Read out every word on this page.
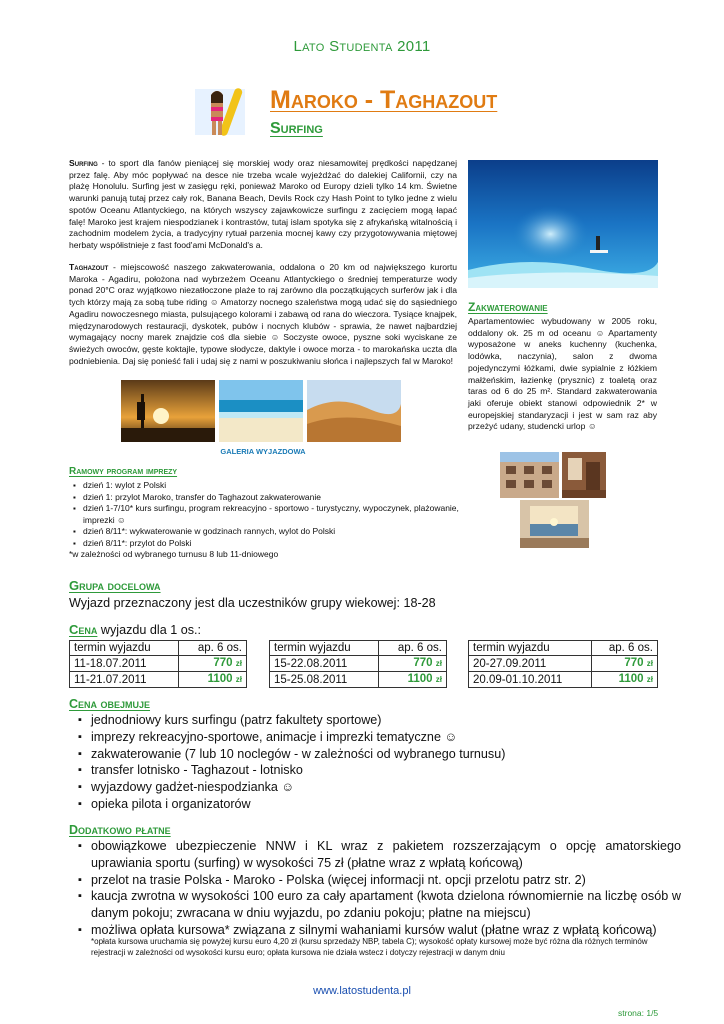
Lato Studenta 2011
Maroko - Taghazout
Surfing
Surfing - to sport dla fanów pieniącej się morskiej wody oraz niesamowitej prędkości napędzanej przez falę. Aby móc popływać na desce nie trzeba wcale wyjeżdżać do dalekiej Californii, czy na plażę Honolulu. Surfing jest w zasięgu ręki, ponieważ Maroko od Europy dzieli tylko 14 km. Świetne warunki panują tutaj przez cały rok, Banana Beach, Devils Rock czy Hash Point to tylko jedne z wielu spotów Oceanu Atlantyckiego, na których wszyscy zajawkowicze surfingu z zacięciem mogą łapać falę! Maroko jest krajem niespodzianek i kontrastów, tutaj islam spotyka się z afrykańską witalnością i zachodnim modelem życia, a tradycyjny rytuał parzenia mocnej kawy czy przygotowywania miętowej herbaty współistnieje z fast food'ami McDonald's a.
Taghazout - miejscowość naszego zakwaterowania, oddalona o 20 km od największego kurortu Maroka - Agadiru, położona nad wybrzeżem Oceanu Atlantyckiego o średniej temperaturze wody ponad 20°C oraz wyjątkowo niezatłoczone plaże to raj zarówno dla początkujących surferów jak i dla tych którzy mają za sobą tube riding ☺ Amatorzy nocnego szaleństwa mogą udać się do sąsiedniego Agadiru nowoczesnego miasta, pulsującego kolorami i zabawą od rana do wieczora. Tysiące knajpek, międzynarodowych restauracji, dyskotek, pubów i nocnych klubów - sprawia, że nawet najbardziej wymagający nocny marek znajdzie coś dla siebie ☺ Soczyste owoce, pyszne soki wyciskane ze świeżych owoców, gęste koktajle, typowe słodycze, daktyle i owoce morza - to marokańska uczta dla podniebienia. Daj się ponieść fali i udaj się z nami w poszukiwaniu słońca i najlepszych fal w Maroko!
Zakwaterowanie
Apartamentowiec wybudowany w 2005 roku, oddalony ok. 25 m od oceanu ☺ Apartamenty wyposażone w aneks kuchenny (kuchenka, lodówka, naczynia), salon z dwoma pojedynczymi łóżkami, dwie sypialnie z łóżkiem małżeńskim, łazienkę (prysznic) z toaletą oraz taras od 6 do 25 m². Standard zakwaterowania jaki oferuje obiekt stanowi odpowiednik 2* w europejskiej standaryzacji i jest w sam raz aby przeżyć udany, studencki urlop ☺
GALERIA WYJAZDOWA
Ramowy program imprezy
▪ dzień 1: wylot z Polski
▪ dzień 1: przylot Maroko, transfer do Taghazout zakwaterowanie
▪ dzień 1-7/10* kurs surfingu, program rekreacyjno - sportowo - turystyczny, wypoczynek, plażowanie, imprezki ☺
▪ dzień 8/11*: wykwaterowanie w godzinach rannych, wylot do Polski
▪ dzień 8/11*: przylot do Polski
*w zależności od wybranego turnusu 8 lub 11-dniowego
Grupa docelowa
Wyjazd przeznaczony jest dla uczestników grupy wiekowej: 18-28
Cena wyjazdu dla 1 os.:
termin wyjazdu	ap. 6 os.
11-18.07.2011	770 zł
11-21.07.2011	1100 zł
termin wyjazdu	ap. 6 os.
15-22.08.2011	770 zł
15-25.08.2011	1100 zł
termin wyjazdu	ap. 6 os.
20-27.09.2011	770 zł
20.09-01.10.2011	1100 zł
Cena obejmuje
▪ jednodniowy kurs surfingu (patrz fakultety sportowe)
▪ imprezy rekreacyjno-sportowe, animacje i imprezki tematyczne ☺
▪ zakwaterowanie (7 lub 10 noclegów - w zależności od wybranego turnusu)
▪ transfer lotnisko - Taghazout - lotnisko
▪ wyjazdowy gadżet-niespodzianka ☺
▪ opieka pilota i organizatorów
Dodatkowo płatne
▪ obowiązkowe ubezpieczenie NNW i KL wraz z pakietem rozszerzającym o opcję amatorskiego uprawiania sportu (surfing) w wysokości 75 zł (płatne wraz z wpłatą końcową)
▪ przelot na trasie Polska - Maroko - Polska (więcej informacji nt. opcji przelotu patrz str. 2)
▪ kaucja zwrotna w wysokości 100 euro za cały apartament (kwota dzielona równomiernie na liczbę osób w danym pokoju; zwracana w dniu wyjazdu, po zdaniu pokoju; płatne na miejscu)
▪ możliwa opłata kursowa* związana z silnymi wahaniami kursów walut (płatne wraz z wpłatą końcową)
*opłata kursowa uruchamia się powyżej kursu euro 4,20 zł (kursu sprzedaży NBP, tabela C); wysokość opłaty kursowej może być różna dla różnych terminów rejestracji w zależności od wysokości kursu euro; opłata kursowa nie działa wstecz i dotyczy rejestracji w danym dniu
www.latostudenta.pl
strona: 1/5
